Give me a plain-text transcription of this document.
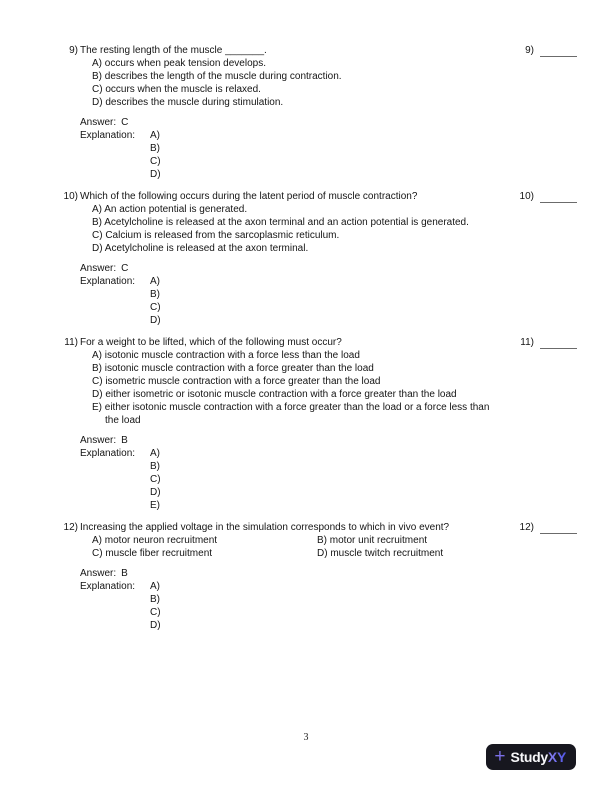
9) The resting length of the muscle _______.	9)
A) occurs when peak tension develops.
B) describes the length of the muscle during contraction.
C) occurs when the muscle is relaxed.
D) describes the muscle during stimulation.
Answer: C
Explanation:	A)
B)
C)
D)
10) Which of the following occurs during the latent period of muscle contraction?	10)
A) An action potential is generated.
B) Acetylcholine is released at the axon terminal and an action potential is generated.
C) Calcium is released from the sarcoplasmic reticulum.
D) Acetylcholine is released at the axon terminal.
Answer: C
Explanation:	A)
B)
C)
D)
11) For a weight to be lifted, which of the following must occur?	11)
A) isotonic muscle contraction with a force less than the load
B) isotonic muscle contraction with a force greater than the load
C) isometric muscle contraction with a force greater than the load
D) either isometric or isotonic muscle contraction with a force greater than the load
E) either isotonic muscle contraction with a force greater than the load or a force less than the load
Answer: B
Explanation:	A)
B)
C)
D)
E)
12) Increasing the applied voltage in the simulation corresponds to which in vivo event?	12)
A) motor neuron recruitment	B) motor unit recruitment
C) muscle fiber recruitment	D) muscle twitch recruitment
Answer: B
Explanation:	A)
B)
C)
D)
3
+ Study XY
